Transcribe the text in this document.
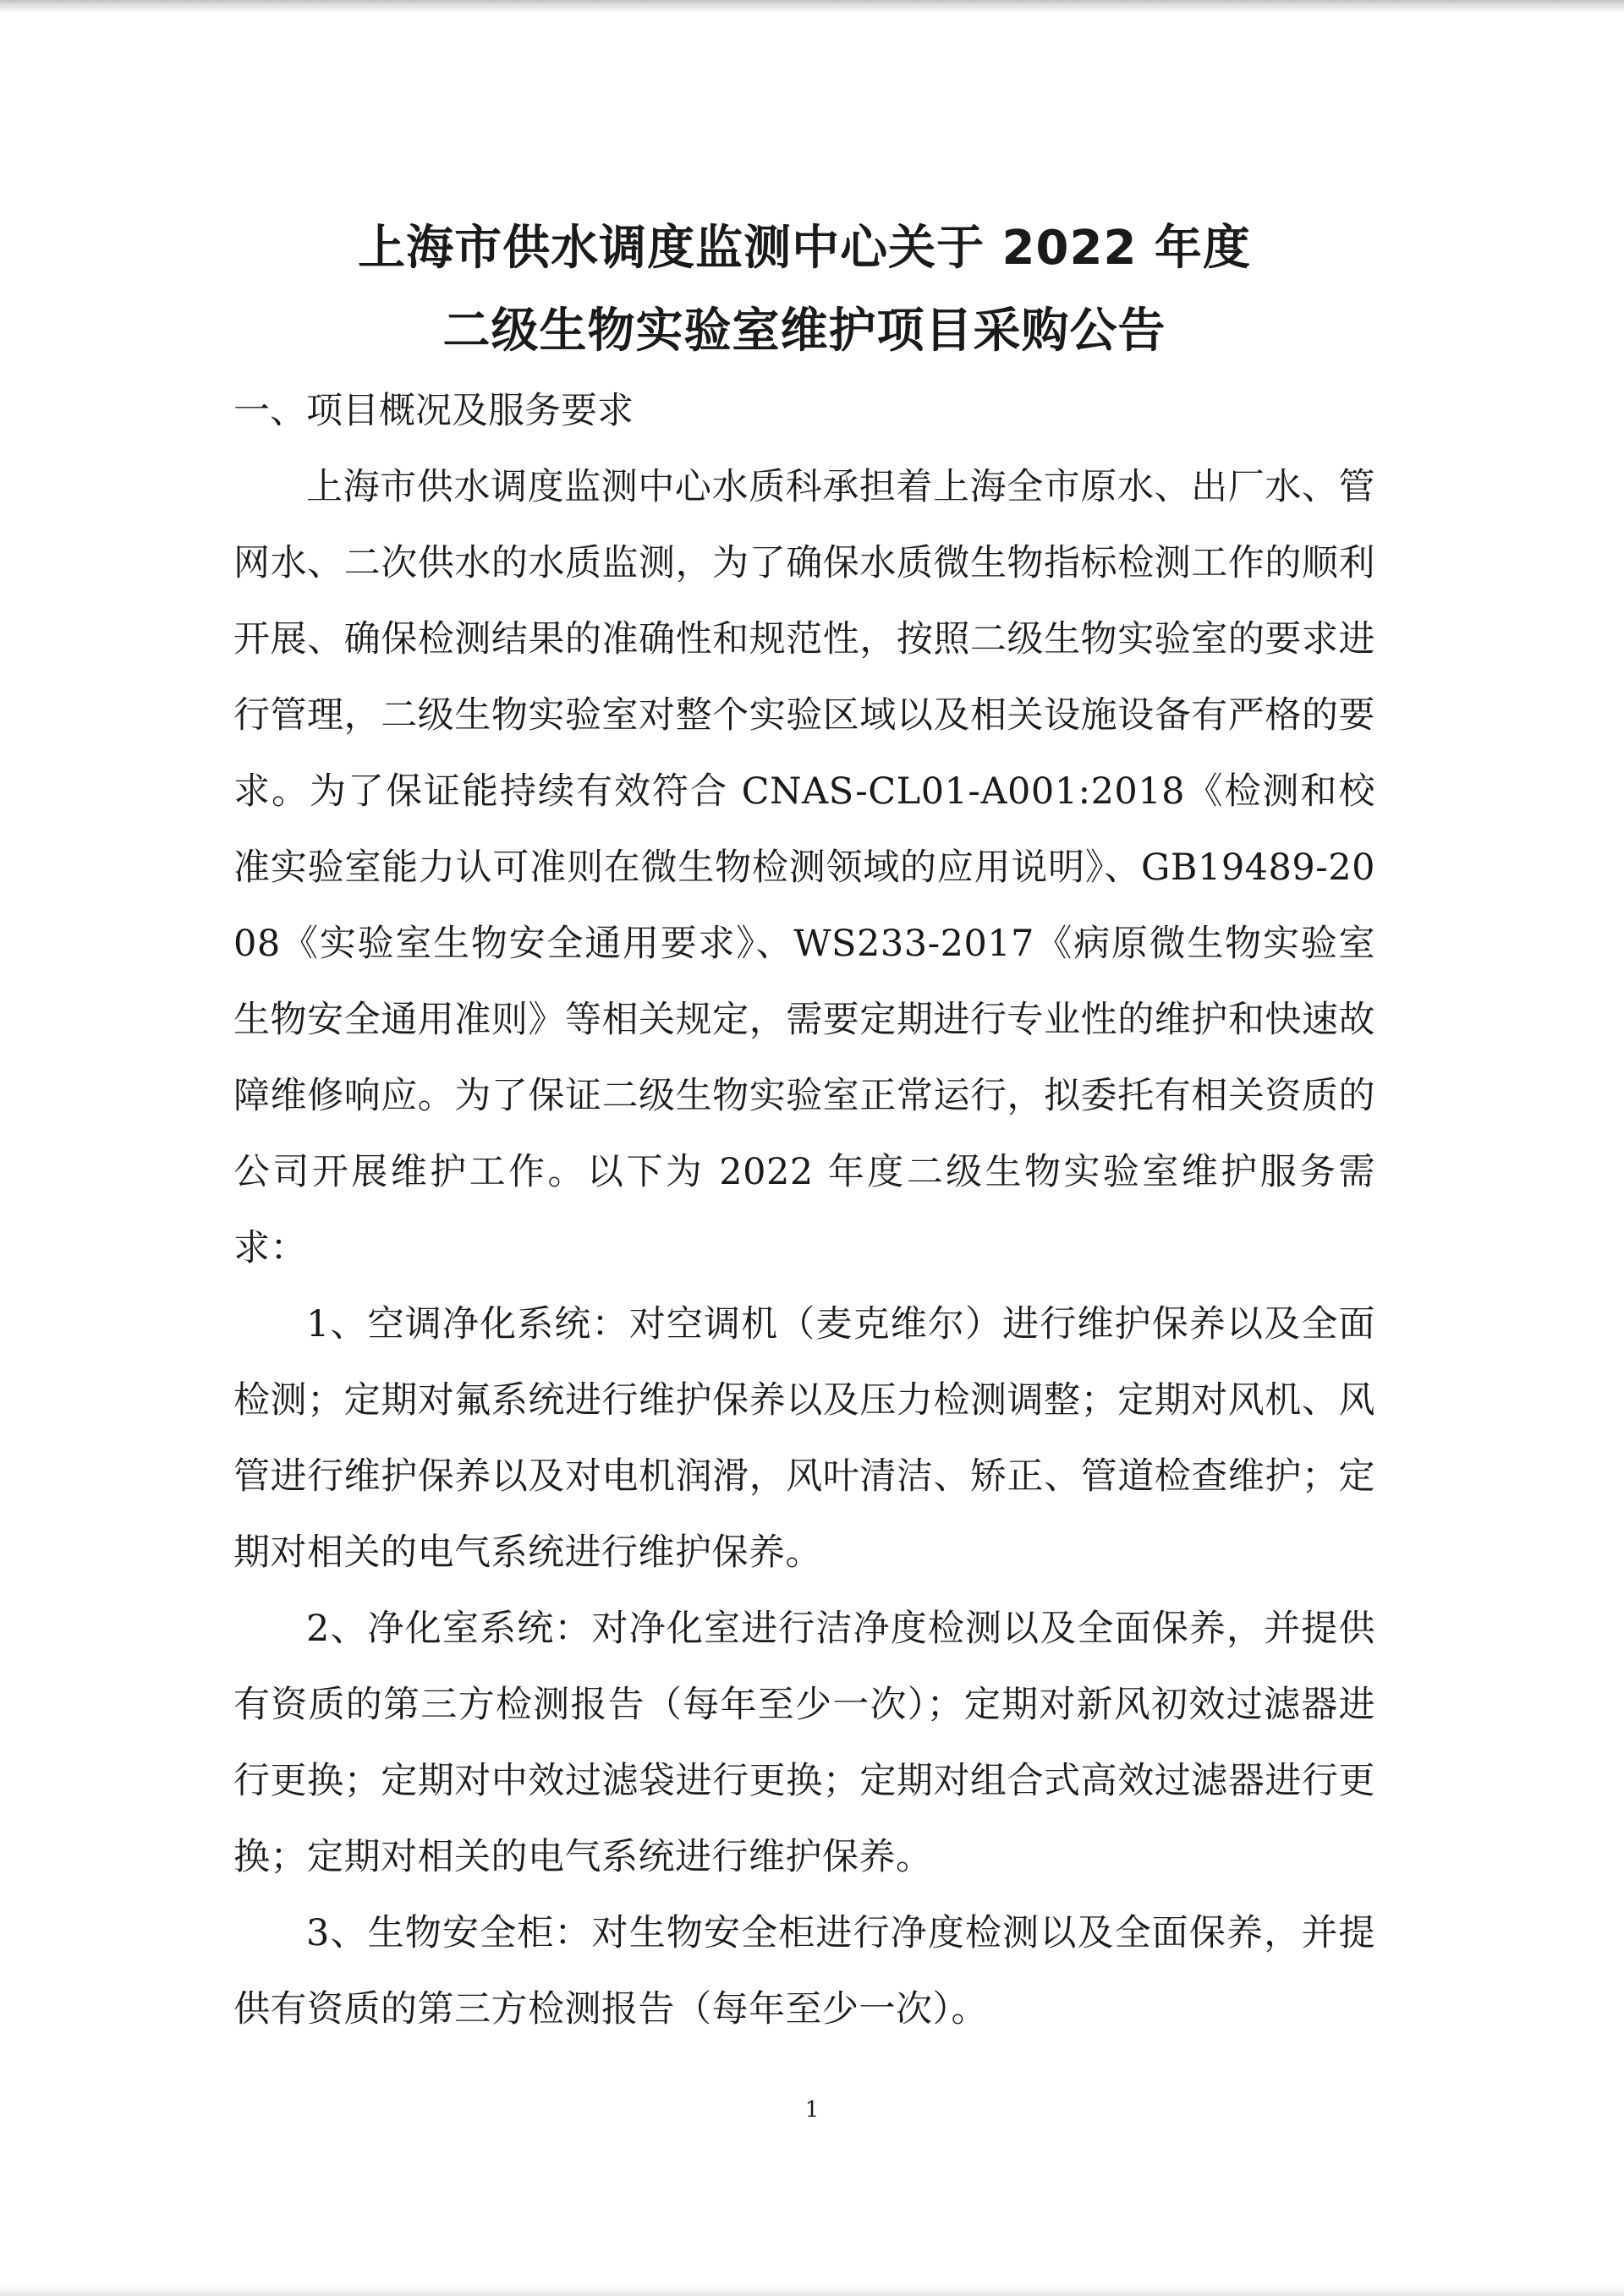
上海市供水调度监测中心关于 2022 年度
二级生物实验室维护项目采购公告

一、项目概况及服务要求

上海市供水调度监测中心水质科承担着上海全市原水、出厂水、管网水、二次供水的水质监测，为了确保水质微生物指标检测工作的顺利开展、确保检测结果的准确性和规范性，按照二级生物实验室的要求进行管理，二级生物实验室对整个实验区域以及相关设施设备有严格的要求。为了保证能持续有效符合 CNAS-CL01-A001:2018《检测和校准实验室能力认可准则在微生物检测领域的应用说明》、GB19489-2008《实验室生物安全通用要求》、WS233-2017《病原微生物实验室生物安全通用准则》等相关规定，需要定期进行专业性的维护和快速故障维修响应。为了保证二级生物实验室正常运行，拟委托有相关资质的公司开展维护工作。以下为 2022 年度二级生物实验室维护服务需求：

1、空调净化系统：对空调机（麦克维尔）进行维护保养以及全面检测；定期对氟系统进行维护保养以及压力检测调整；定期对风机、风管进行维护保养以及对电机润滑，风叶清洁、矫正、管道检查维护；定期对相关的电气系统进行维护保养。

2、净化室系统：对净化室进行洁净度检测以及全面保养，并提供有资质的第三方检测报告（每年至少一次）；定期对新风初效过滤器进行更换；定期对中效过滤袋进行更换；定期对组合式高效过滤器进行更换；定期对相关的电气系统进行维护保养。

3、生物安全柜：对生物安全柜进行净度检测以及全面保养，并提供有资质的第三方检测报告（每年至少一次）。

1
